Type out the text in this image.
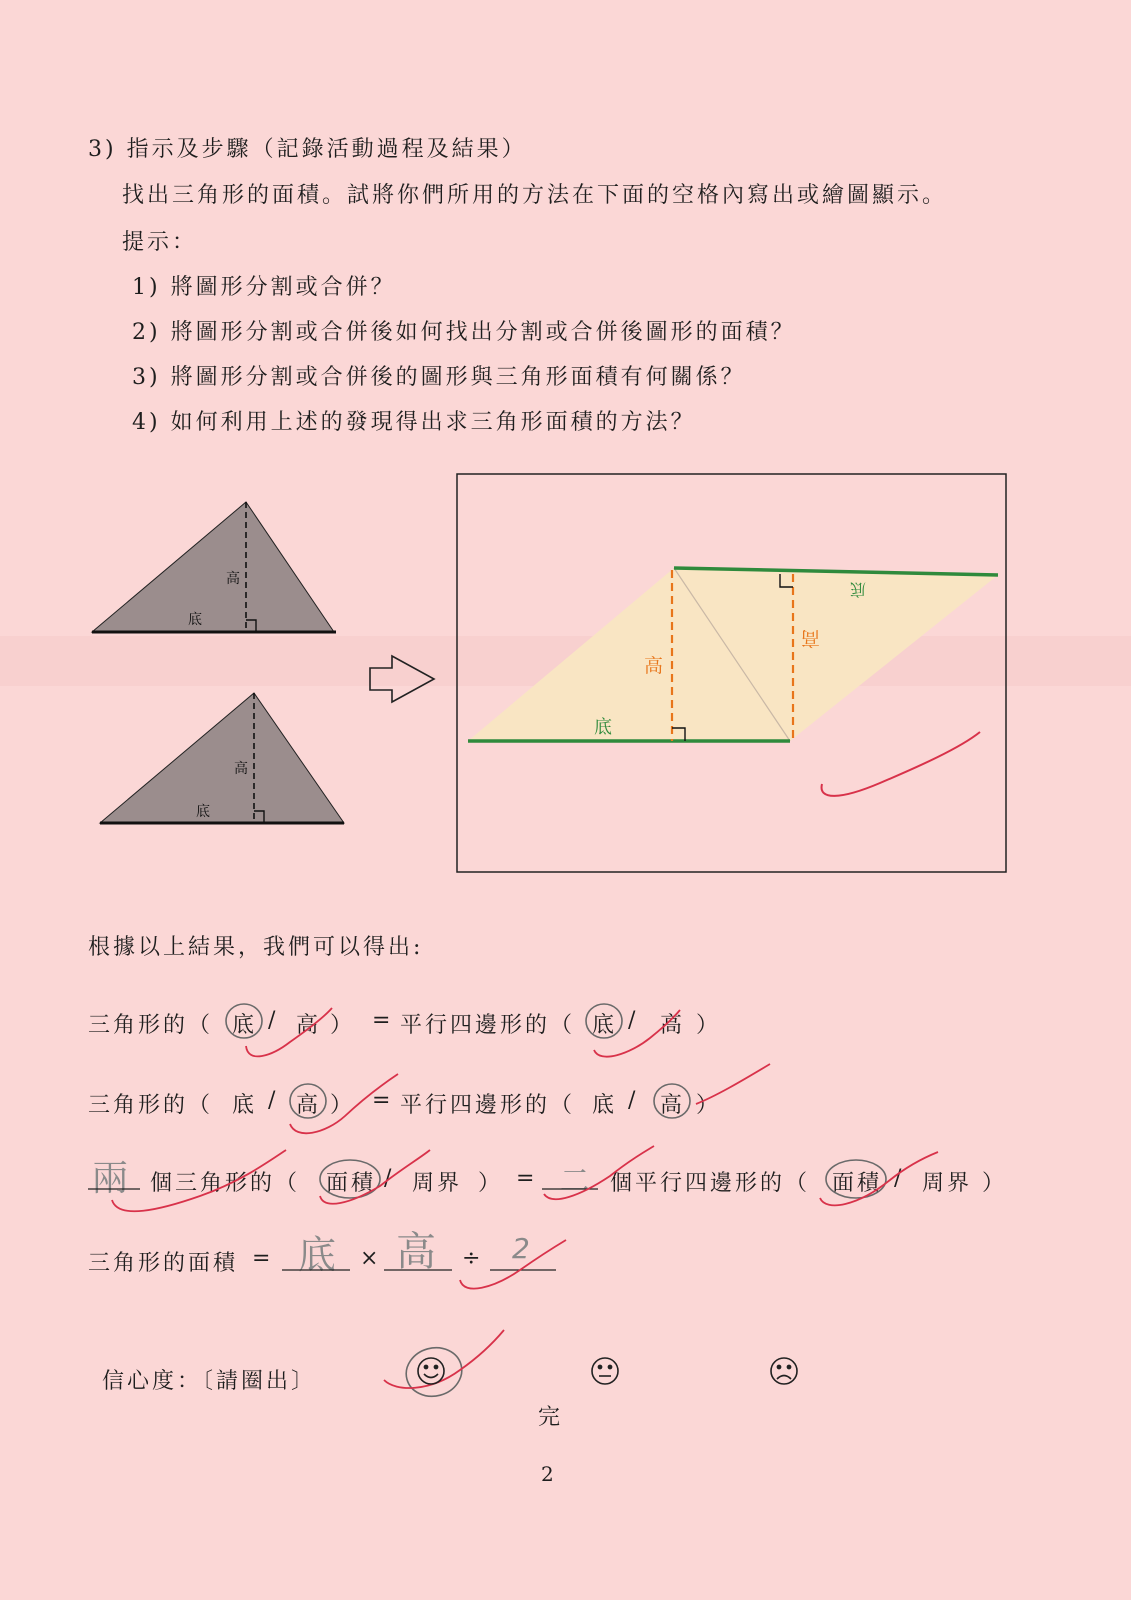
3) 指示及步驟（記錄活動過程及結果）
找出三角形的面積。試將你們所用的方法在下面的空格內寫出或繪圖顯示。
提示：
1) 將圖形分割或合併？
2) 將圖形分割或合併後如何找出分割或合併後圖形的面積？
3) 將圖形分割或合併後的圖形與三角形面積有何關係？
4) 如何利用上述的發現得出求三角形面積的方法？
高
底
高
底
高
底
高
底
根據以上結果，我們可以得出:
三角形的（ 底 / 高 ） = 平行四邊形的（ 底 / 高 ）
三角形的（ 底 / 高 ） = 平行四邊形的（ 底 / 高 ）
兩 個三角形的（ 面積 / 周界 ） = 二 個平行四邊形的（ 面積 / 周界 ）
三角形的面積 = 底 × 高 ÷ 2
信心度：〔請圈出〕
完
2
